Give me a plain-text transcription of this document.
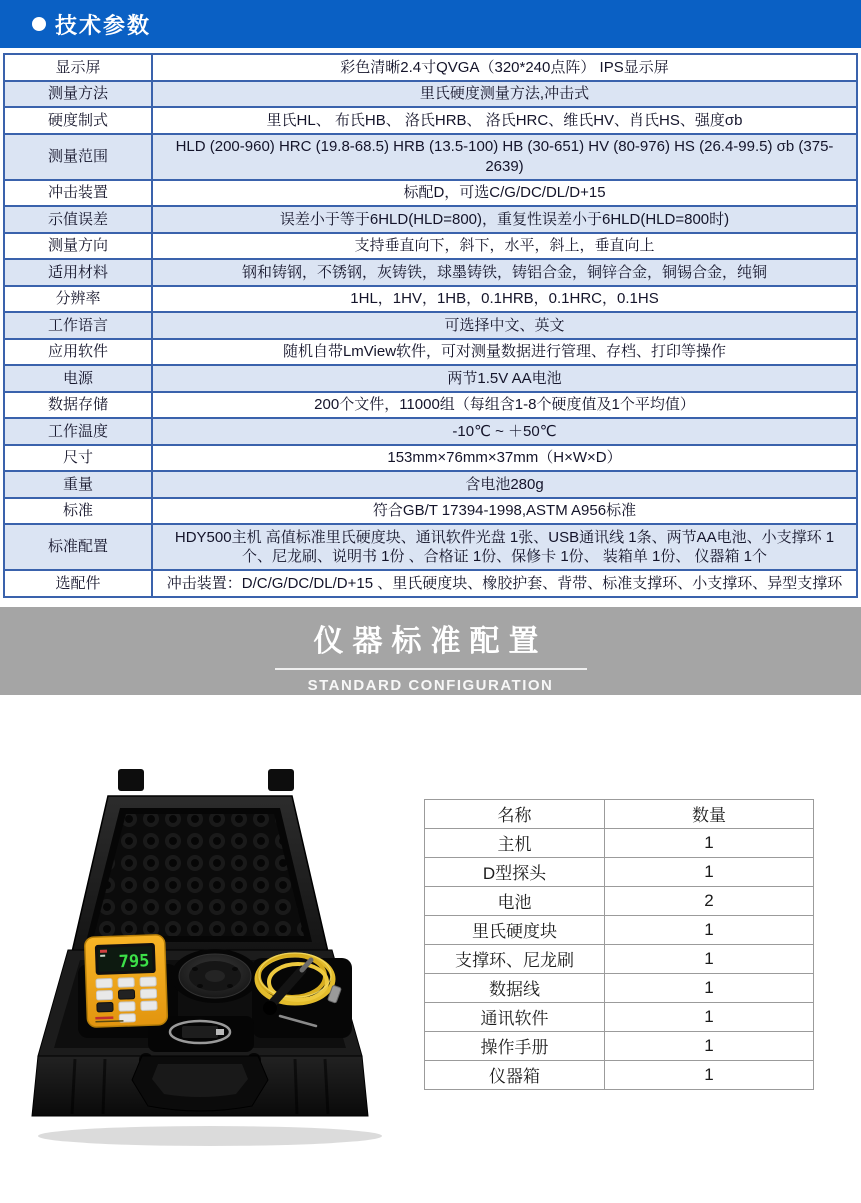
技术参数
显示屏	彩色清晰2.4寸QVGA（320*240点阵） IPS显示屏
测量方法	里氏硬度测量方法,冲击式
硬度制式	里氏HL、 布氏HB、 洛氏HRB、 洛氏HRC、维氏HV、肖氏HS、强度σb
测量范围	HLD (200-960) HRC (19.8-68.5) HRB (13.5-100) HB (30-651) HV (80-976) HS (26.4-99.5) σb (375-2639)
冲击装置	标配D，可选C/G/DC/DL/D+15
示值误差	误差小于等于6HLD(HLD=800)，重复性误差小于6HLD(HLD=800时)
测量方向	支持垂直向下，斜下，水平，斜上，垂直向上
适用材料	钢和铸钢，不锈钢，灰铸铁，球墨铸铁，铸铝合金，铜锌合金，铜锡合金，纯铜
分辨率	1HL，1HV，1HB，0.1HRB，0.1HRC，0.1HS
工作语言	可选择中文、英文
应用软件	随机自带LmView软件，可对测量数据进行管理、存档、打印等操作
电源	两节1.5V AA电池
数据存储	200个文件，11000组（每组含1-8个硬度值及1个平均值）
工作温度	-10℃ ~ ＋50℃
尺寸	153mm×76mm×37mm（H×W×D）
重量	含电池280g
标准	符合GB/T 17394-1998,ASTM A956标准
标准配置	HDY500主机 高值标准里氏硬度块、通讯软件光盘 1张、USB通讯线 1条、两节AA电池、小支撑环 1个、尼龙刷、说明书 1份 、合格证 1份、保修卡 1份、 装箱单 1份、 仪器箱 1个
选配件	冲击装置：D/C/G/DC/DL/D+15 、里氏硬度块、橡胶护套、背带、标准支撑环、小支撑环、异型支撑环
仪器标准配置
STANDARD CONFIGURATION
795
名称	数量
主机	1
D型探头	1
电池	2
里氏硬度块	1
支撑环、尼龙刷	1
数据线	1
通讯软件	1
操作手册	1
仪器箱	1
